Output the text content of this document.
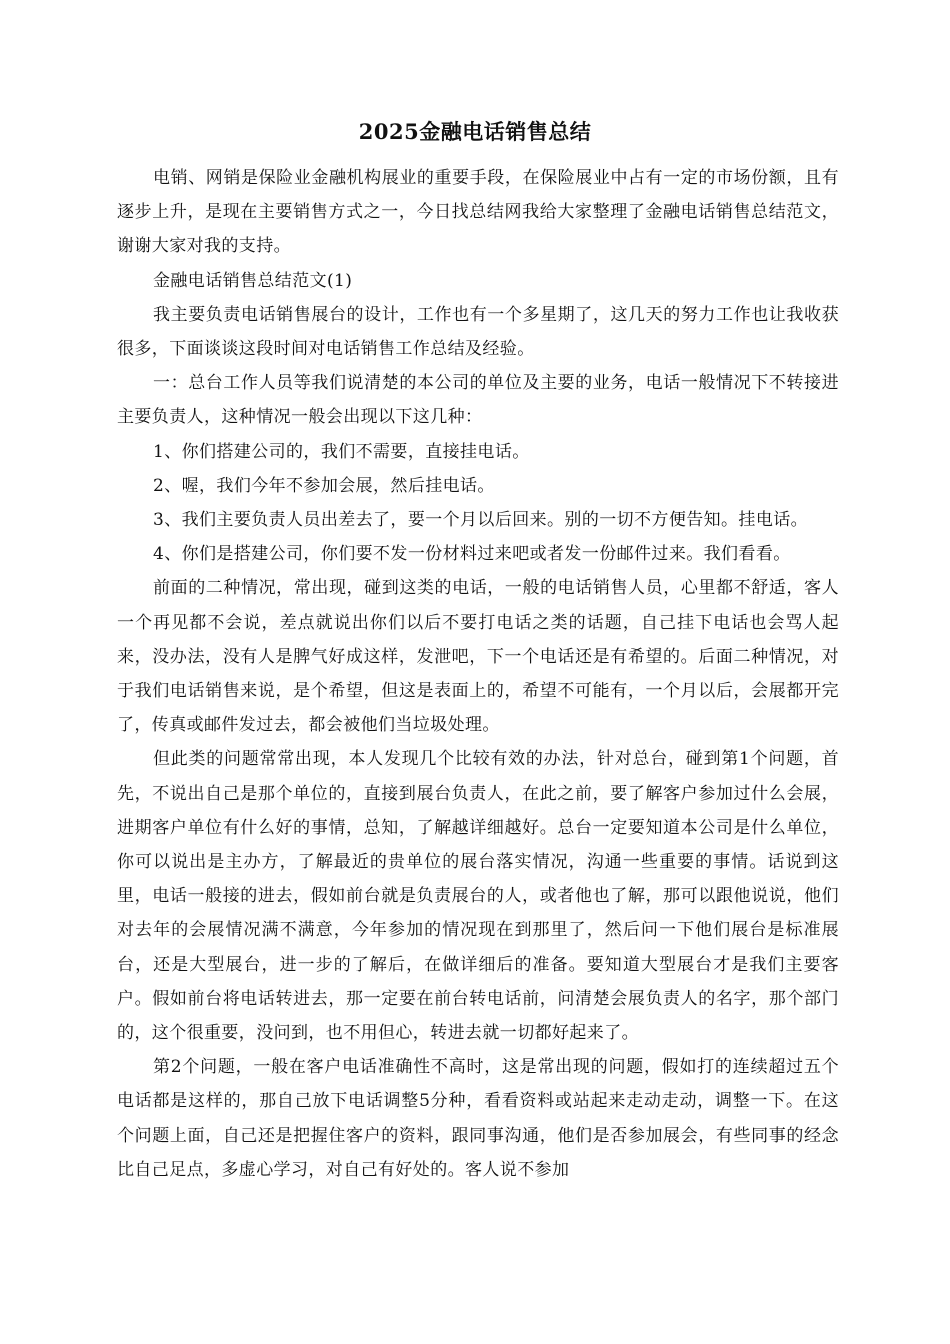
2025金融电话销售总结

电销、网销是保险业金融机构展业的重要手段，在保险展业中占有一定的市场份额，且有逐步上升，是现在主要销售方式之一，今日找总结网我给大家整理了金融电话销售总结范文，谢谢大家对我的支持。

金融电话销售总结范文(1)

我主要负责电话销售展台的设计，工作也有一个多星期了，这几天的努力工作也让我收获很多，下面谈谈这段时间对电话销售工作总结及经验。

一：总台工作人员等我们说清楚的本公司的单位及主要的业务，电话一般情况下不转接进主要负责人，这种情况一般会出现以下这几种：

1、你们搭建公司的，我们不需要，直接挂电话。

2、喔，我们今年不参加会展，然后挂电话。

3、我们主要负责人员出差去了，要一个月以后回来。别的一切不方便告知。挂电话。

4、你们是搭建公司，你们要不发一份材料过来吧或者发一份邮件过来。我们看看。

前面的二种情况，常出现，碰到这类的电话，一般的电话销售人员，心里都不舒适，客人一个再见都不会说，差点就说出你们以后不要打电话之类的话题，自己挂下电话也会骂人起来，没办法，没有人是脾气好成这样，发泄吧，下一个电话还是有希望的。后面二种情况，对于我们电话销售来说，是个希望，但这是表面上的，希望不可能有，一个月以后，会展都开完了，传真或邮件发过去，都会被他们当垃圾处理。

但此类的问题常常出现，本人发现几个比较有效的办法，针对总台，碰到第1个问题，首先，不说出自己是那个单位的，直接到展台负责人，在此之前，要了解客户参加过什么会展，进期客户单位有什么好的事情，总知，了解越详细越好。总台一定要知道本公司是什么单位，你可以说出是主办方，了解最近的贵单位的展台落实情况，沟通一些重要的事情。话说到这里，电话一般接的进去，假如前台就是负责展台的人，或者他也了解，那可以跟他说说，他们对去年的会展情况满不满意，今年参加的情况现在到那里了，然后问一下他们展台是标准展台，还是大型展台，进一步的了解后，在做详细后的准备。要知道大型展台才是我们主要客户。假如前台将电话转进去，那一定要在前台转电话前，问清楚会展负责人的名字，那个部门的，这个很重要，没问到，也不用但心，转进去就一切都好起来了。

第2个问题，一般在客户电话准确性不高时，这是常出现的问题，假如打的连续超过五个电话都是这样的，那自己放下电话调整5分种，看看资料或站起来走动走动，调整一下。在这个问题上面，自己还是把握住客户的资料，跟同事沟通，他们是否参加展会，有些同事的经念比自己足点，多虚心学习，对自己有好处的。客人说不参加
